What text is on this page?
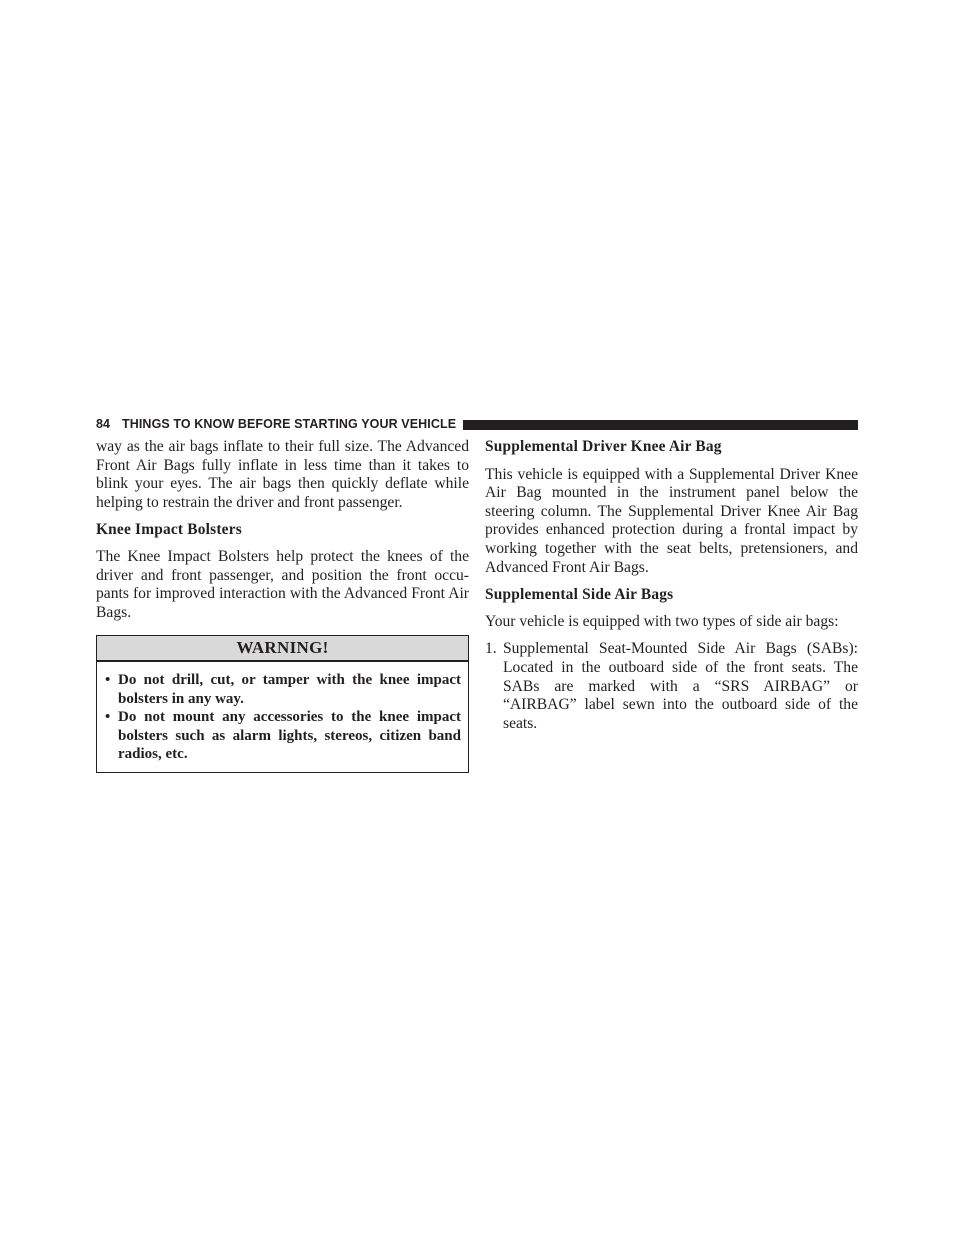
84 THINGS TO KNOW BEFORE STARTING YOUR VEHICLE

way as the air bags inflate to their full size. The Advanced Front Air Bags fully inflate in less time than it takes to blink your eyes. The air bags then quickly deflate while helping to restrain the driver and front passenger.

Knee Impact Bolsters

The Knee Impact Bolsters help protect the knees of the driver and front passenger, and position the front occu-pants for improved interaction with the Advanced Front Air Bags.

WARNING!
• Do not drill, cut, or tamper with the knee impact bolsters in any way.
• Do not mount any accessories to the knee impact bolsters such as alarm lights, stereos, citizen band radios, etc.
Supplemental Driver Knee Air Bag

This vehicle is equipped with a Supplemental Driver Knee Air Bag mounted in the instrument panel below the steering column. The Supplemental Driver Knee Air Bag provides enhanced protection during a frontal impact by working together with the seat belts, pretensioners, and Advanced Front Air Bags.

Supplemental Side Air Bags

Your vehicle is equipped with two types of side air bags:

1. Supplemental Seat-Mounted Side Air Bags (SABs): Located in the outboard side of the front seats. The SABs are marked with a “SRS AIRBAG” or “AIRBAG” label sewn into the outboard side of the seats.
